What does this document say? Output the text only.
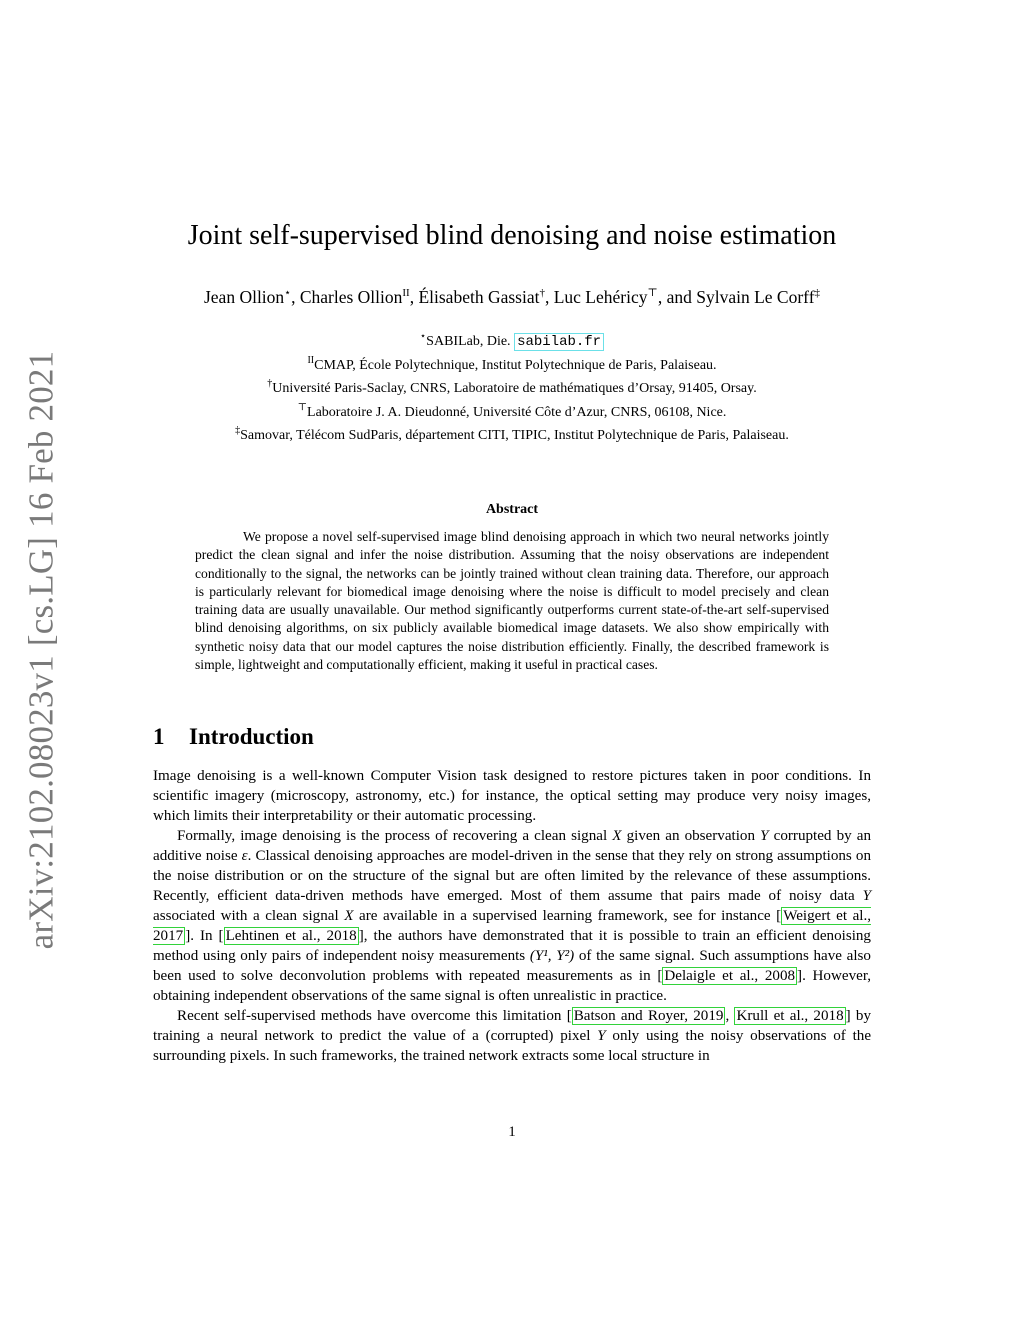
arXiv:2102.08023v1 [cs.LG] 16 Feb 2021
Joint self-supervised blind denoising and noise estimation
Jean Ollion⋆, Charles Ollion$^{II}$, Élisabeth Gassiat†, Luc Lehéricy⊤, and Sylvain Le Corff‡
⋆SABILab, Die. sabilab.fr
$^{II}$CMAP, École Polytechnique, Institut Polytechnique de Paris, Palaiseau.
†Université Paris-Saclay, CNRS, Laboratoire de mathématiques d’Orsay, 91405, Orsay.
⊤Laboratoire J. A. Dieudonné, Université Côte d’Azur, CNRS, 06108, Nice.
‡Samovar, Télécom SudParis, département CITI, TIPIC, Institut Polytechnique de Paris, Palaiseau.
Abstract
We propose a novel self-supervised image blind denoising approach in which two neural networks jointly predict the clean signal and infer the noise distribution. Assuming that the noisy observations are independent conditionally to the signal, the networks can be jointly trained without clean training data. Therefore, our approach is particularly relevant for biomedical image denoising where the noise is difficult to model precisely and clean training data are usually unavailable. Our method significantly outperforms current state-of-the-art self-supervised blind denoising algorithms, on six publicly available biomedical image datasets. We also show empirically with synthetic noisy data that our model captures the noise distribution efficiently. Finally, the described framework is simple, lightweight and computationally efficient, making it useful in practical cases.
1 Introduction

Image denoising is a well-known Computer Vision task designed to restore pictures taken in poor conditions. In scientific imagery (microscopy, astronomy, etc.) for instance, the optical setting may produce very noisy images, which limits their interpretability or their automatic processing.

Formally, image denoising is the process of recovering a clean signal X given an observation Y corrupted by an additive noise ε. Classical denoising approaches are model-driven in the sense that they rely on strong assumptions on the noise distribution or on the structure of the signal but are often limited by the relevance of these assumptions. Recently, efficient data-driven methods have emerged. Most of them assume that pairs made of noisy data Y associated with a clean signal X are available in a supervised learning framework, see for instance [ Weigert et al., 2017 ]. In [ Lehtinen et al., 2018 ], the authors have demonstrated that it is possible to train an efficient denoising method using only pairs of independent noisy measurements (Y¹, Y²) of the same signal. Such assumptions have also been used to solve deconvolution problems with repeated measurements as in [ Delaigle et al., 2008 ]. However, obtaining independent observations of the same signal is often unrealistic in practice.

Recent self-supervised methods have overcome this limitation [ Batson and Royer, 2019 , Krull et al., 2018 ] by training a neural network to predict the value of a (corrupted) pixel Y only using the noisy observations of the surrounding pixels. In such frameworks, the trained network extracts some local structure in

1
